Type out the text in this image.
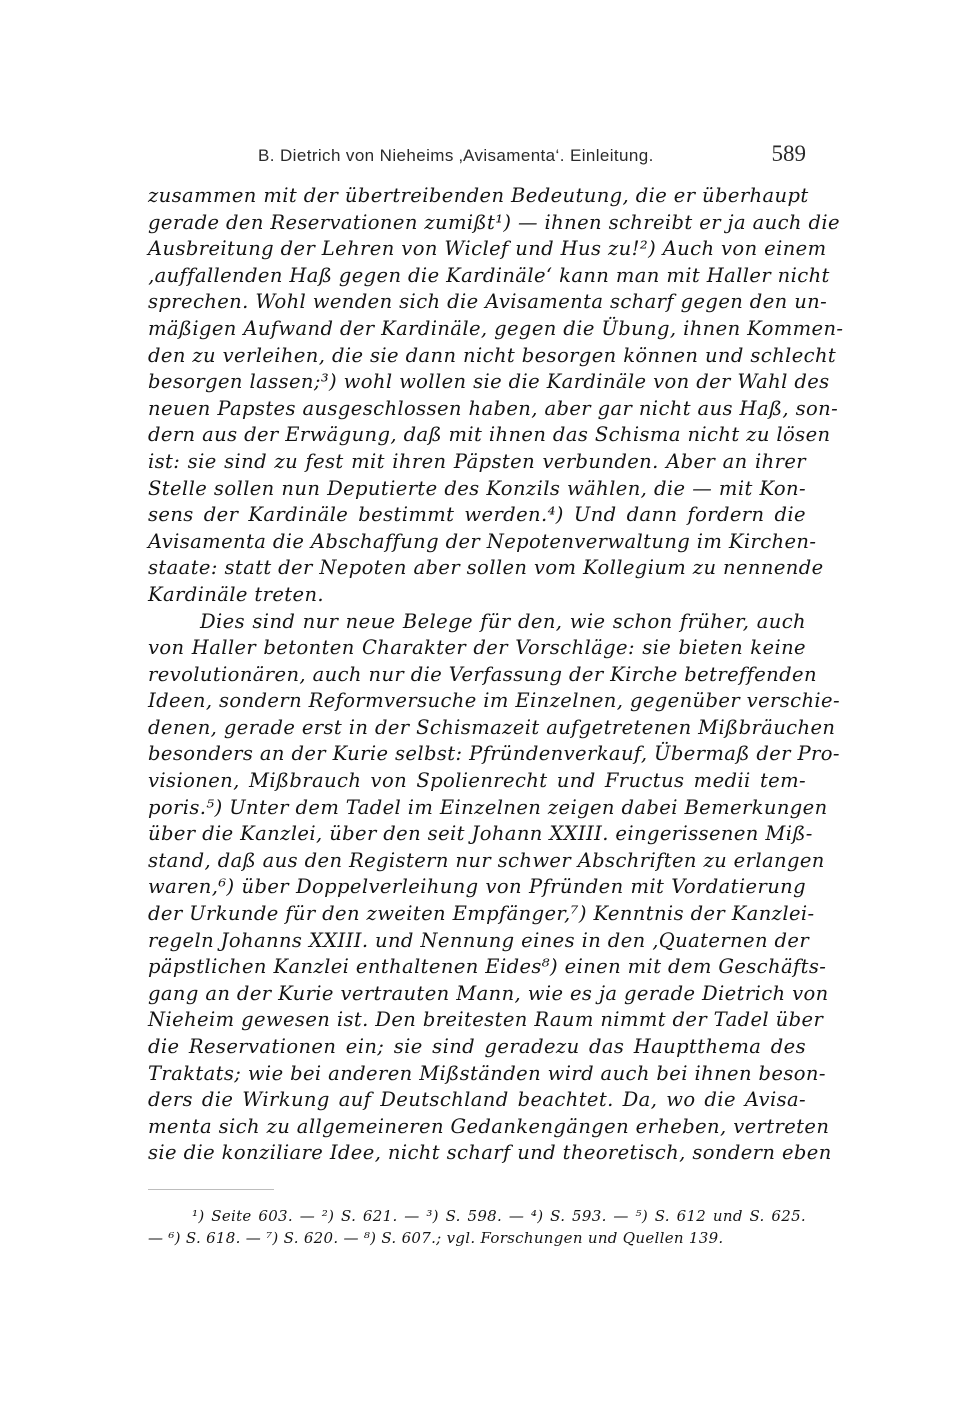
B. Dietrich von Nieheims ‚Avisamenta‘. Einleitung.	589
zusammen mit der übertreibenden Bedeutung, die er überhaupt
gerade den Reservationen zumißt¹) — ihnen schreibt er ja auch die
Ausbreitung der Lehren von Wiclef und Hus zu!²) Auch von einem
‚auffallenden Haß gegen die Kardinäle‘ kann man mit Haller nicht
sprechen. Wohl wenden sich die Avisamenta scharf gegen den un-
mäßigen Aufwand der Kardinäle, gegen die Übung, ihnen Kommen-
den zu verleihen, die sie dann nicht besorgen können und schlecht
besorgen lassen;³) wohl wollen sie die Kardinäle von der Wahl des
neuen Papstes ausgeschlossen haben, aber gar nicht aus Haß, son-
dern aus der Erwägung, daß mit ihnen das Schisma nicht zu lösen
ist: sie sind zu fest mit ihren Päpsten verbunden. Aber an ihrer
Stelle sollen nun Deputierte des Konzils wählen, die — mit Kon-
sens der Kardinäle bestimmt werden.⁴) Und dann fordern die
Avisamenta die Abschaffung der Nepotenverwaltung im Kirchen-
staate: statt der Nepoten aber sollen vom Kollegium zu nennende
Kardinäle treten.
Dies sind nur neue Belege für den, wie schon früher, auch
von Haller betonten Charakter der Vorschläge: sie bieten keine
revolutionären, auch nur die Verfassung der Kirche betreffenden
Ideen, sondern Reformversuche im Einzelnen, gegenüber verschie-
denen, gerade erst in der Schismazeit aufgetretenen Mißbräuchen
besonders an der Kurie selbst: Pfründenverkauf, Übermaß der Pro-
visionen, Mißbrauch von Spolienrecht und Fructus medii tem-
poris.⁵) Unter dem Tadel im Einzelnen zeigen dabei Bemerkungen
über die Kanzlei, über den seit Johann XXIII. eingerissenen Miß-
stand, daß aus den Registern nur schwer Abschriften zu erlangen
waren,⁶) über Doppelverleihung von Pfründen mit Vordatierung
der Urkunde für den zweiten Empfänger,⁷) Kenntnis der Kanzlei-
regeln Johanns XXIII. und Nennung eines in den ‚Quaternen der
päpstlichen Kanzlei enthaltenen Eides⁸) einen mit dem Geschäfts-
gang an der Kurie vertrauten Mann, wie es ja gerade Dietrich von
Nieheim gewesen ist. Den breitesten Raum nimmt der Tadel über
die Reservationen ein; sie sind geradezu das Hauptthema des
Traktats; wie bei anderen Mißständen wird auch bei ihnen beson-
ders die Wirkung auf Deutschland beachtet. Da, wo die Avisa-
menta sich zu allgemeineren Gedankengängen erheben, vertreten
sie die konziliare Idee, nicht scharf und theoretisch, sondern eben
¹) Seite 603. — ²) S. 621. — ³) S. 598. — ⁴) S. 593. — ⁵) S. 612 und S. 625.
— ⁶) S. 618. — ⁷) S. 620. — ⁸) S. 607.; vgl. Forschungen und Quellen 139.
